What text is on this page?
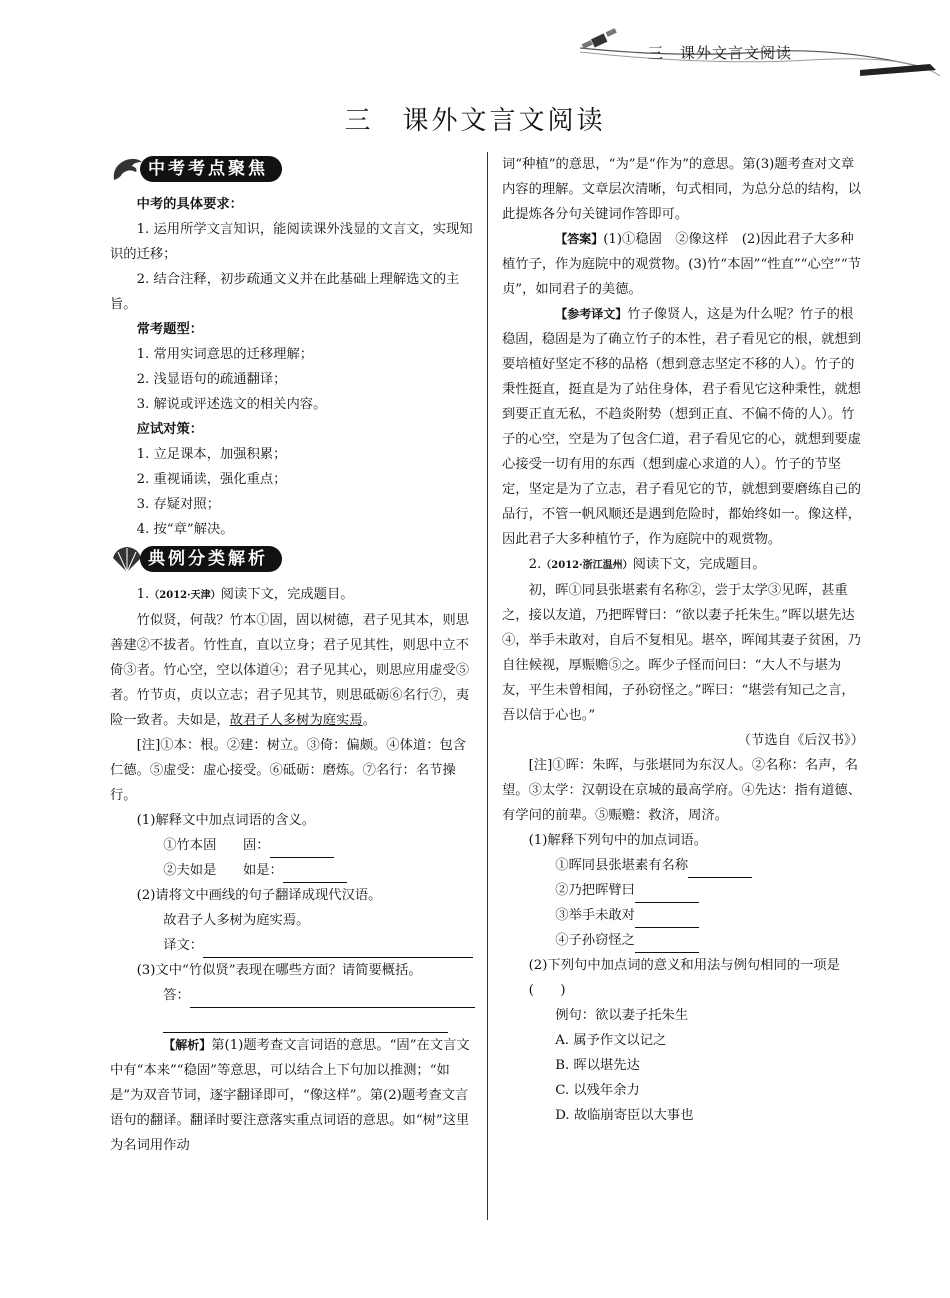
三　课外文言文阅读
三　课外文言文阅读
中考考点聚焦

中考的具体要求：

1. 运用所学文言知识，能阅读课外浅显的文言文，实现知识的迁移；

2. 结合注释，初步疏通文义并在此基础上理解选文的主旨。

常考题型：

1. 常用实词意思的迁移理解；

2. 浅显语句的疏通翻译；

3. 解说或评述选文的相关内容。

应试对策：

1. 立足课本，加强积累；

2. 重视诵读，强化重点；

3. 存疑对照；

4. 按“章”解决。

典例分类解析

1.（2012·天津）阅读下文，完成题目。

竹似贤，何哉？竹本①固，固以树德，君子见其本，则思善建②不拔者。竹性直，直以立身；君子见其性，则思中立不倚③者。竹心空，空以体道④；君子见其心，则思应用虚受⑤者。竹节贞，贞以立志；君子见其节，则思砥砺⑥名行⑦，夷险一致者。夫如是，故君子人多树为庭实焉。

[注]①本：根。②建：树立。③倚：偏颇。④体道：包含仁德。⑤虚受：虚心接受。⑥砥砺：磨炼。⑦名行：名节操行。

(1)解释文中加点词语的含义。

①竹本固　　固：

②夫如是　　如是：

(2)请将文中画线的句子翻译成现代汉语。

故君子人多树为庭实焉。

译文：

(3)文中“竹似贤”表现在哪些方面？请简要概括。

答：

【解析】第(1)题考查文言词语的意思。“固”在文言文中有“本来”“稳固”等意思，可以结合上下句加以推测；“如是”为双音节词，逐字翻译即可，“像这样”。第(2)题考查文言语句的翻译。翻译时要注意落实重点词语的意思。如“树”这里为名词用作动

词“种植”的意思，“为”是“作为”的意思。第(3)题考查对文章内容的理解。文章层次清晰，句式相同，为总分总的结构，以此提炼各分句关键词作答即可。

【答案】(1)①稳固　②像这样　(2)因此君子大多种植竹子，作为庭院中的观赏物。(3)竹“本固”“性直”“心空”“节贞”，如同君子的美德。

【参考译文】竹子像贤人，这是为什么呢？竹子的根稳固，稳固是为了确立竹子的本性，君子看见它的根，就想到要培植好坚定不移的品格（想到意志坚定不移的人）。竹子的秉性挺直，挺直是为了站住身体，君子看见它这种秉性，就想到要正直无私，不趋炎附势（想到正直、不偏不倚的人）。竹子的心空，空是为了包含仁道，君子看见它的心，就想到要虚心接受一切有用的东西（想到虚心求道的人）。竹子的节坚定，坚定是为了立志，君子看见它的节，就想到要磨练自己的品行，不管一帆风顺还是遇到危险时，都始终如一。像这样，因此君子大多种植竹子，作为庭院中的观赏物。

2.（2012·浙江温州）阅读下文，完成题目。

初，晖①同县张堪素有名称②，尝于太学③见晖，甚重之，接以友道，乃把晖臂曰：“欲以妻子托朱生。”晖以堪先达④，举手未敢对，自后不复相见。堪卒，晖闻其妻子贫困，乃自往候视，厚赈赡⑤之。晖少子怪而问曰：“大人不与堪为友，平生未曾相闻，子孙窃怪之。”晖曰：“堪尝有知己之言，吾以信于心也。”

（节选自《后汉书》）

[注]①晖：朱晖，与张堪同为东汉人。②名称：名声，名望。③太学：汉朝设在京城的最高学府。④先达：指有道德、有学问的前辈。⑤赈赡：救济，周济。

(1)解释下列句中的加点词语。

①晖同县张堪素有名称

②乃把晖臂曰

③举手未敢对

④子孙窃怪之

(2)下列句中加点词的意义和用法与例句相同的一项是(　　)

例句：欲以妻子托朱生

A. 属予作文以记之

B. 晖以堪先达

C. 以残年余力

D. 故临崩寄臣以大事也
